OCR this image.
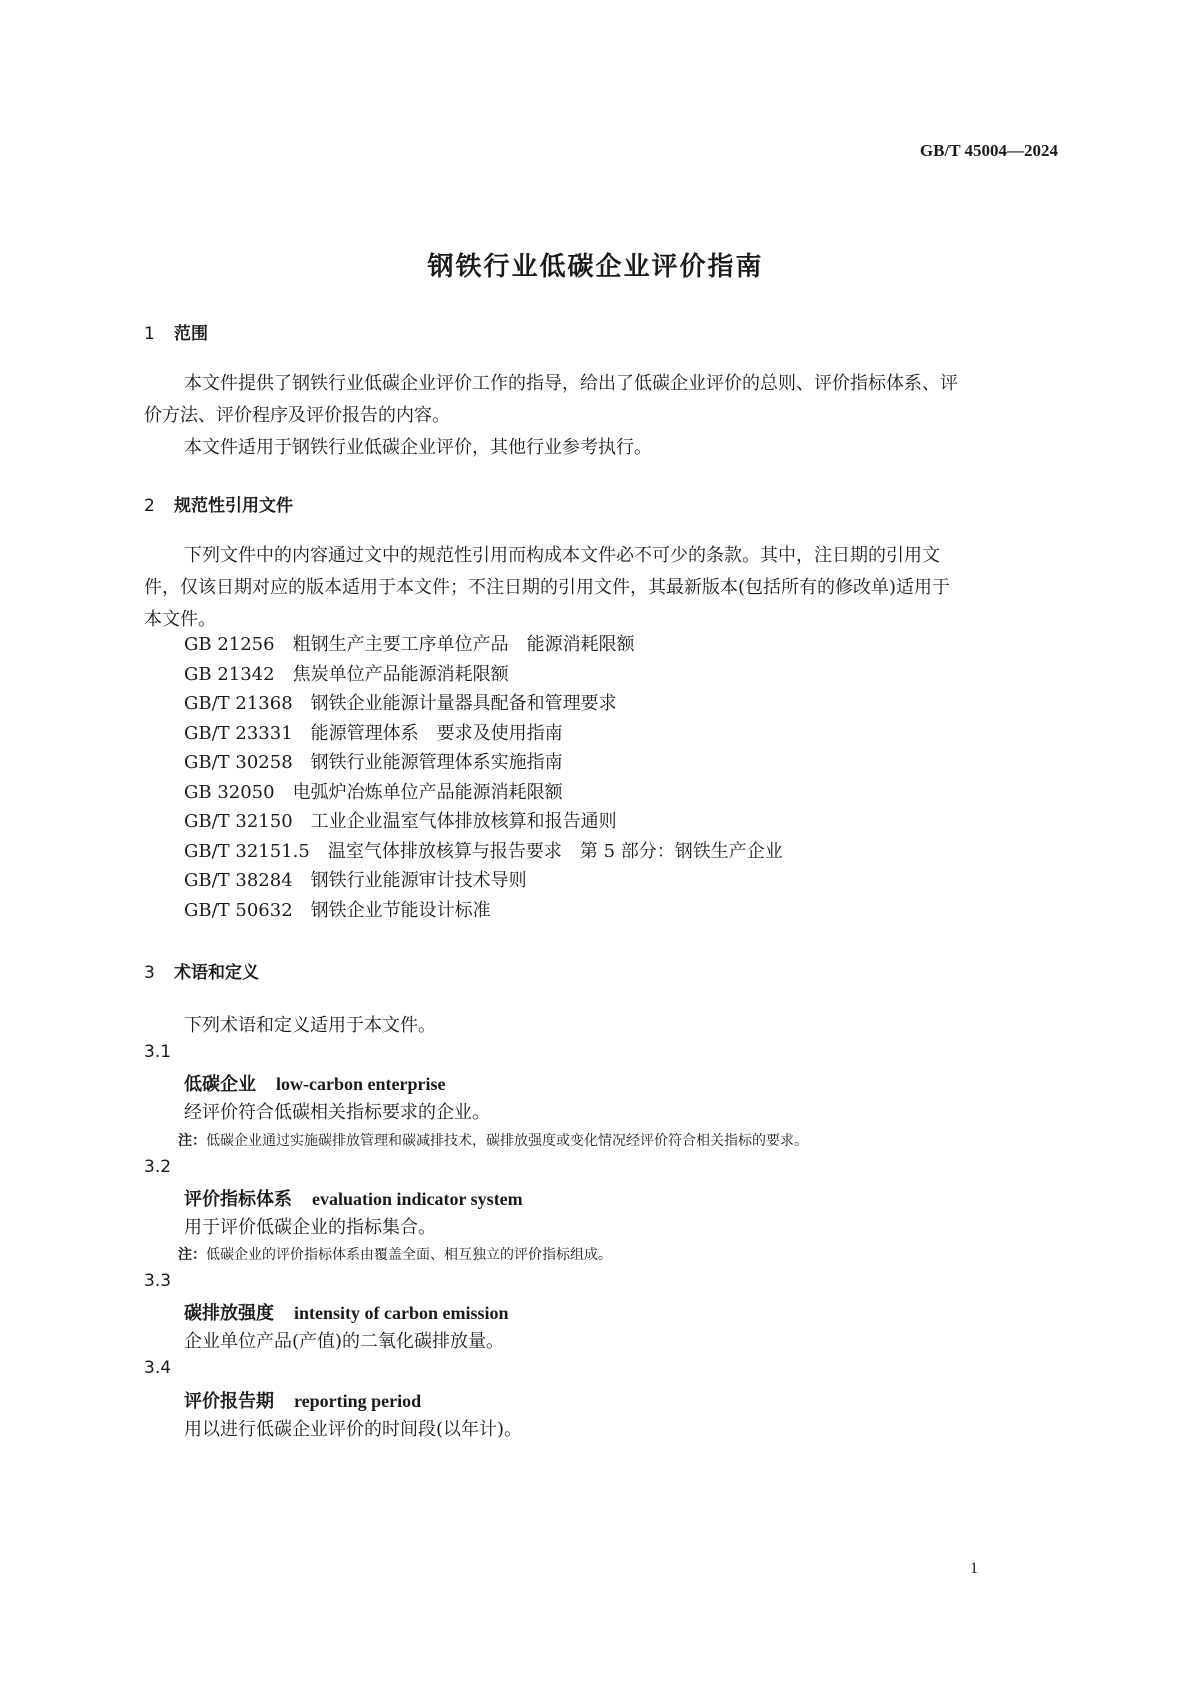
GB/T 45004—2024
钢铁行业低碳企业评价指南
1 范围
本文件提供了钢铁行业低碳企业评价工作的指导，给出了低碳企业评价的总则、评价指标体系、评
价方法、评价程序及评价报告的内容。
本文件适用于钢铁行业低碳企业评价，其他行业参考执行。
2 规范性引用文件
下列文件中的内容通过文中的规范性引用而构成本文件必不可少的条款。其中，注日期的引用文
件，仅该日期对应的版本适用于本文件；不注日期的引用文件，其最新版本(包括所有的修改单)适用于
本文件。
GB 21256 粗钢生产主要工序单位产品　能源消耗限额
GB 21342 焦炭单位产品能源消耗限额
GB/T 21368 钢铁企业能源计量器具配备和管理要求
GB/T 23331 能源管理体系　要求及使用指南
GB/T 30258 钢铁行业能源管理体系实施指南
GB 32050 电弧炉冶炼单位产品能源消耗限额
GB/T 32150 工业企业温室气体排放核算和报告通则
GB/T 32151.5 温室气体排放核算与报告要求　第 5 部分：钢铁生产企业
GB/T 38284 钢铁行业能源审计技术导则
GB/T 50632 钢铁企业节能设计标准
3 术语和定义
下列术语和定义适用于本文件。
3.1
低碳企业 low-carbon enterprise
经评价符合低碳相关指标要求的企业。
注：低碳企业通过实施碳排放管理和碳减排技术，碳排放强度或变化情况经评价符合相关指标的要求。
3.2
评价指标体系 evaluation indicator system
用于评价低碳企业的指标集合。
注：低碳企业的评价指标体系由覆盖全面、相互独立的评价指标组成。
3.3
碳排放强度 intensity of carbon emission
企业单位产品(产值)的二氧化碳排放量。
3.4
评价报告期 reporting period
用以进行低碳企业评价的时间段(以年计)。
1
